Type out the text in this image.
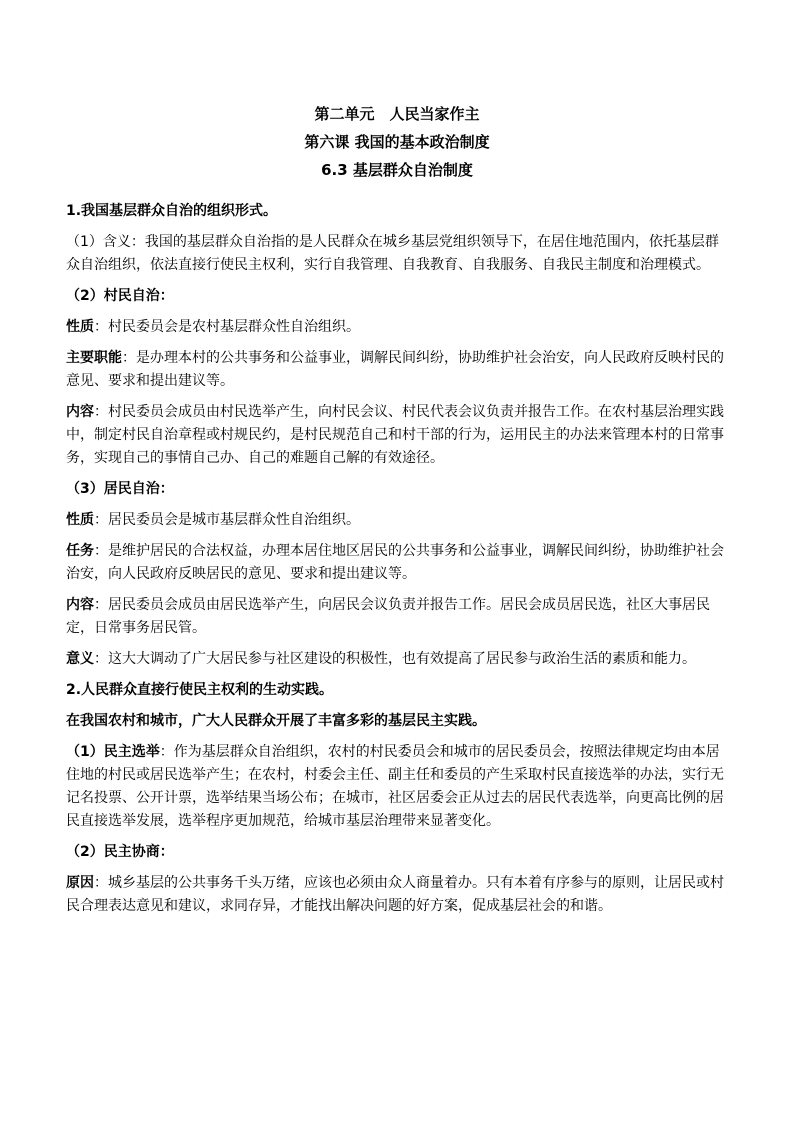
第二单元　人民当家作主
第六课 我国的基本政治制度
6.3 基层群众自治制度

1.我国基层群众自治的组织形式。

（1）含义：我国的基层群众自治指的是人民群众在城乡基层党组织领导下，在居住地范围内，依托基层群众自治组织，依法直接行使民主权利，实行自我管理、自我教育、自我服务、自我民主制度和治理模式。

（2）村民自治：

性质：村民委员会是农村基层群众性自治组织。

主要职能：是办理本村的公共事务和公益事业，调解民间纠纷，协助维护社会治安，向人民政府反映村民的意见、要求和提出建议等。

内容：村民委员会成员由村民选举产生，向村民会议、村民代表会议负责并报告工作。在农村基层治理实践中，制定村民自治章程或村规民约，是村民规范自己和村干部的行为，运用民主的办法来管理本村的日常事务，实现自己的事情自己办、自己的难题自己解的有效途径。

（3）居民自治：

性质：居民委员会是城市基层群众性自治组织。

任务：是维护居民的合法权益，办理本居住地区居民的公共事务和公益事业，调解民间纠纷，协助维护社会治安，向人民政府反映居民的意见、要求和提出建议等。

内容：居民委员会成员由居民选举产生，向居民会议负责并报告工作。居民会成员居民选，社区大事居民定，日常事务居民管。

意义：这大大调动了广大居民参与社区建设的积极性，也有效提高了居民参与政治生活的素质和能力。

2.人民群众直接行使民主权利的生动实践。

在我国农村和城市，广大人民群众开展了丰富多彩的基层民主实践。

（1）民主选举：作为基层群众自治组织，农村的村民委员会和城市的居民委员会，按照法律规定均由本居住地的村民或居民选举产生；在农村，村委会主任、副主任和委员的产生采取村民直接选举的办法，实行无记名投票、公开计票，选举结果当场公布；在城市，社区居委会正从过去的居民代表选举，向更高比例的居民直接选举发展，选举程序更加规范，给城市基层治理带来显著变化。

（2）民主协商：

原因：城乡基层的公共事务千头万绪，应该也必须由众人商量着办。只有本着有序参与的原则，让居民或村民合理表达意见和建议，求同存异，才能找出解决问题的好方案，促成基层社会的和谐。
